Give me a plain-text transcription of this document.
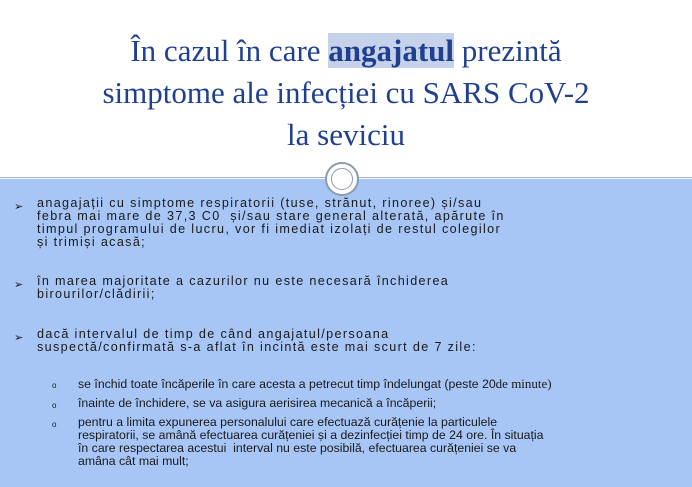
În cazul în care angajatul prezintă
simptome ale infecției cu SARS CoV-2
la seviciu
➢ anagajații cu simptome respiratorii (tuse, strănut, rinoree) și/sau
febra mai mare de 37,3 C0  și/sau stare general alterată, apărute în
timpul programului de lucru, vor fi imediat izolați de restul colegilor
și trimiși acasă;
➢ în marea majoritate a cazurilor nu este necesară închiderea
birourilor/clădirii;
➢ dacă intervalul de timp de când angajatul/persoana
suspectă/confirmată s-a aflat în incintă este mai scurt de 7 zile:
o se închid toate încăperile în care acesta a petrecut timp îndelungat (peste 20de minute)
o înainte de închidere, se va asigura aerisirea mecanică a încăperii;
o pentru a limita expunerea personalului care efectuază curățenie la particulele
respiratorii, se amână efectuarea curățeniei și a dezinfecției timp de 24 ore. În situația
în care respectarea acestui  interval nu este posibilă, efectuarea curățeniei se va
amâna cât mai mult;
